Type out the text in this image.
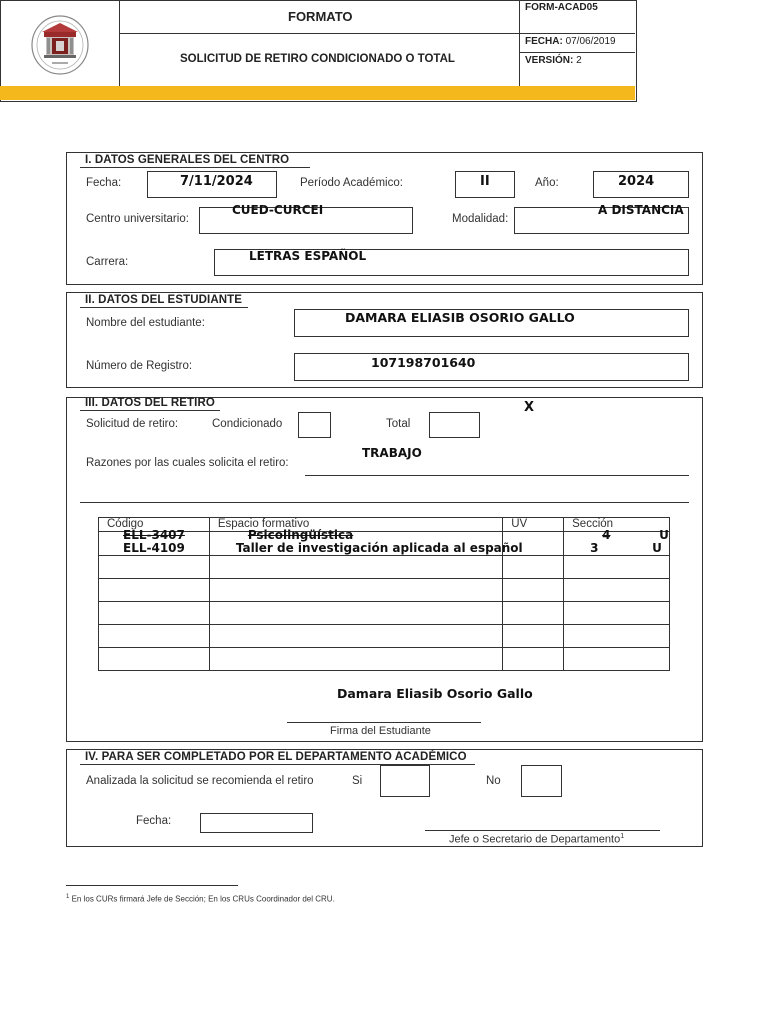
FORMATO
SOLICITUD DE RETIRO CONDICIONADO O TOTAL
FORM-ACAD05
FECHA: 07/06/2019
VERSIÓN: 2
I. DATOS GENERALES DEL CENTRO
Fecha:	7/11/2024	Período Académico:	II	Año:	2024
Centro universitario:
CUED-CURCEI
Modalidad:
A DISTANCIA
Carrera:	LETRAS ESPAÑOL
II. DATOS DEL ESTUDIANTE
Nombre del estudiante:	DAMARA ELIASIB OSORIO GALLO
Número de Registro:	107198701640
III. DATOS DEL RETIRO
Solicitud de retiro:	Condicionado	Total
X
Razones por las cuales solicita el retiro:
TRABAJO
Código	Espacio formativo	UV	Sección

ELL-3407	Psicolingüística		4 U

ELL-4109	Taller de investigación aplicada al español		3 U

Damara Eliasib Osorio Gallo
Firma del Estudiante
IV. PARA SER COMPLETADO POR EL DEPARTAMENTO ACADÉMICO
Analizada la solicitud se recomienda el retiro	Si	No
Fecha:
Jefe o Secretario de Departamento$^1$
$^1$ En los CURs firmará Jefe de Sección; En los CRUs Coordinador del CRU.
